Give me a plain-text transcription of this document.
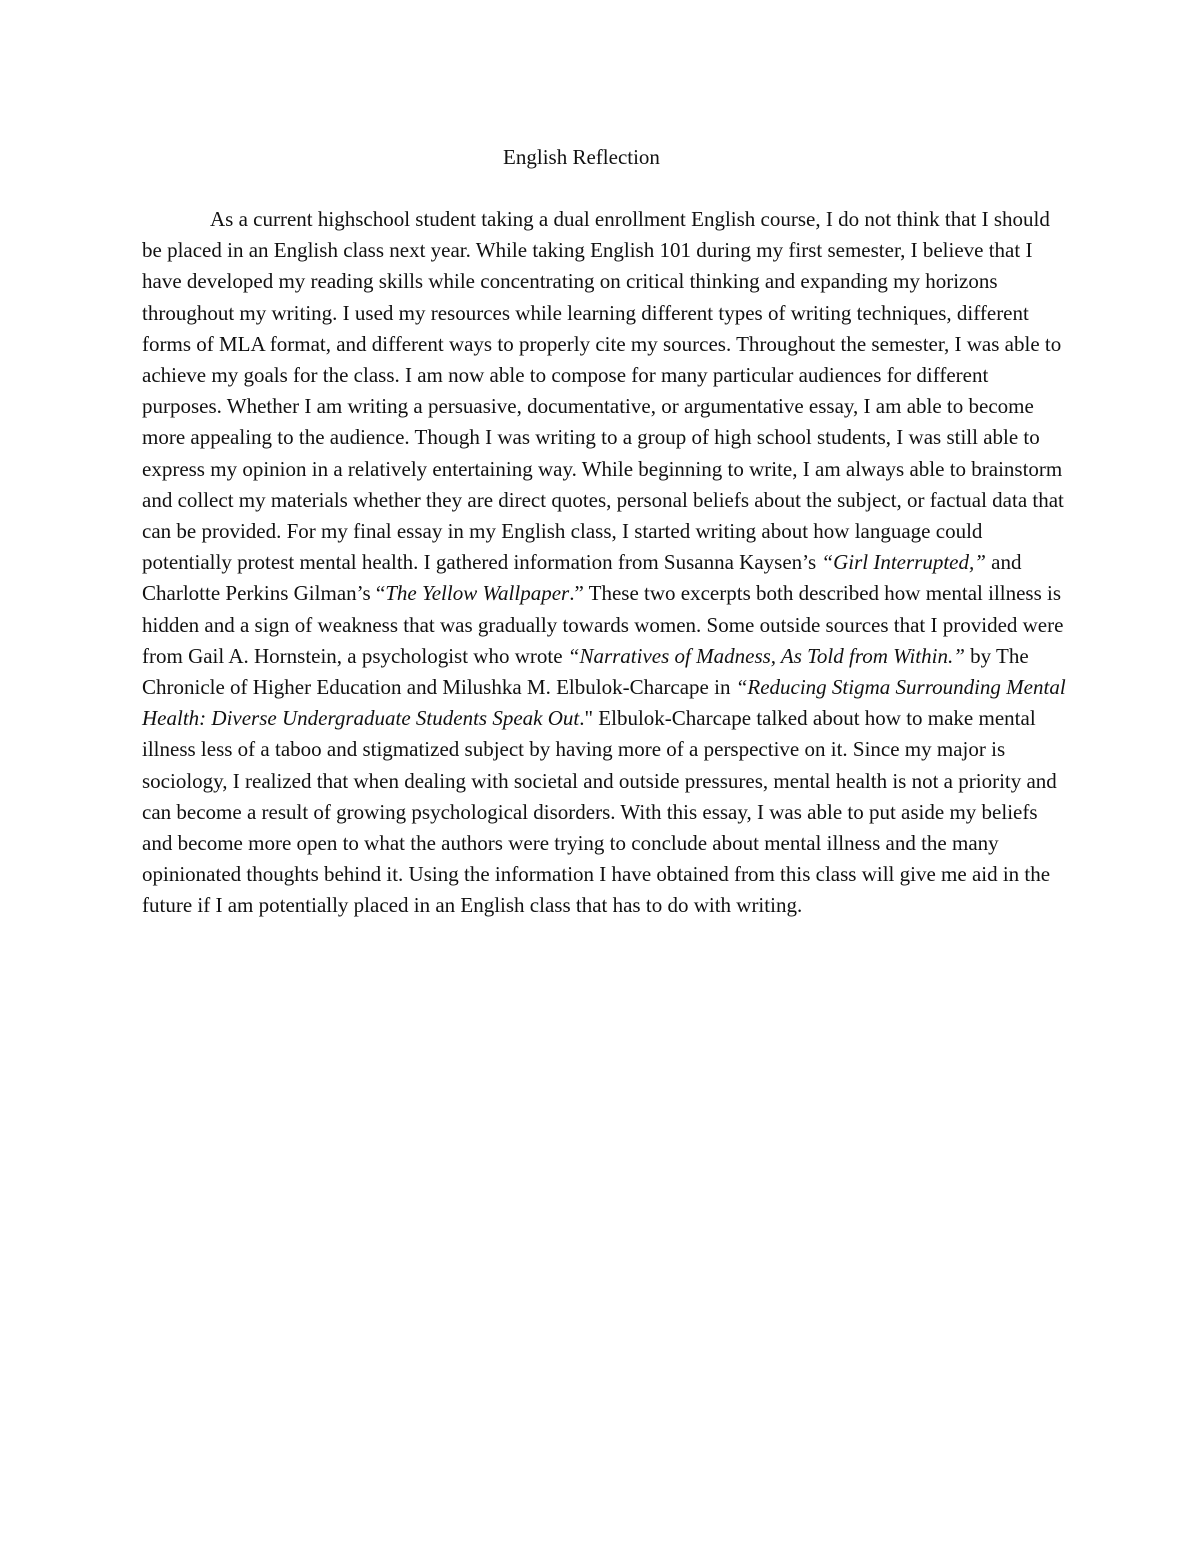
English Reflection

As a current highschool student taking a dual enrollment English course, I do not think that I should be placed in an English class next year. While taking English 101 during my first semester, I believe that I have developed my reading skills while concentrating on critical thinking and expanding my horizons throughout my writing. I used my resources while learning different types of writing techniques, different forms of MLA format, and different ways to properly cite my sources. Throughout the semester, I was able to achieve my goals for the class. I am now able to compose for many particular audiences for different purposes. Whether I am writing a persuasive, documentative, or argumentative essay, I am able to become more appealing to the audience. Though I was writing to a group of high school students, I was still able to express my opinion in a relatively entertaining way. While beginning to write, I am always able to brainstorm and collect my materials whether they are direct quotes, personal beliefs about the subject, or factual data that can be provided. For my final essay in my English class, I started writing about how language could potentially protest mental health. I gathered information from Susanna Kaysen’s “Girl Interrupted,” and Charlotte Perkins Gilman’s “The Yellow Wallpaper.” These two excerpts both described how mental illness is hidden and a sign of weakness that was gradually towards women. Some outside sources that I provided were from Gail A. Hornstein, a psychologist who wrote “Narratives of Madness, As Told from Within.” by The Chronicle of Higher Education and Milushka M. Elbulok-Charcape in “Reducing Stigma Surrounding Mental Health: Diverse Undergraduate Students Speak Out." Elbulok-Charcape talked about how to make mental illness less of a taboo and stigmatized subject by having more of a perspective on it. Since my major is sociology, I realized that when dealing with societal and outside pressures, mental health is not a priority and can become a result of growing psychological disorders. With this essay, I was able to put aside my beliefs and become more open to what the authors were trying to conclude about mental illness and the many opinionated thoughts behind it. Using the information I have obtained from this class will give me aid in the future if I am potentially placed in an English class that has to do with writing.
